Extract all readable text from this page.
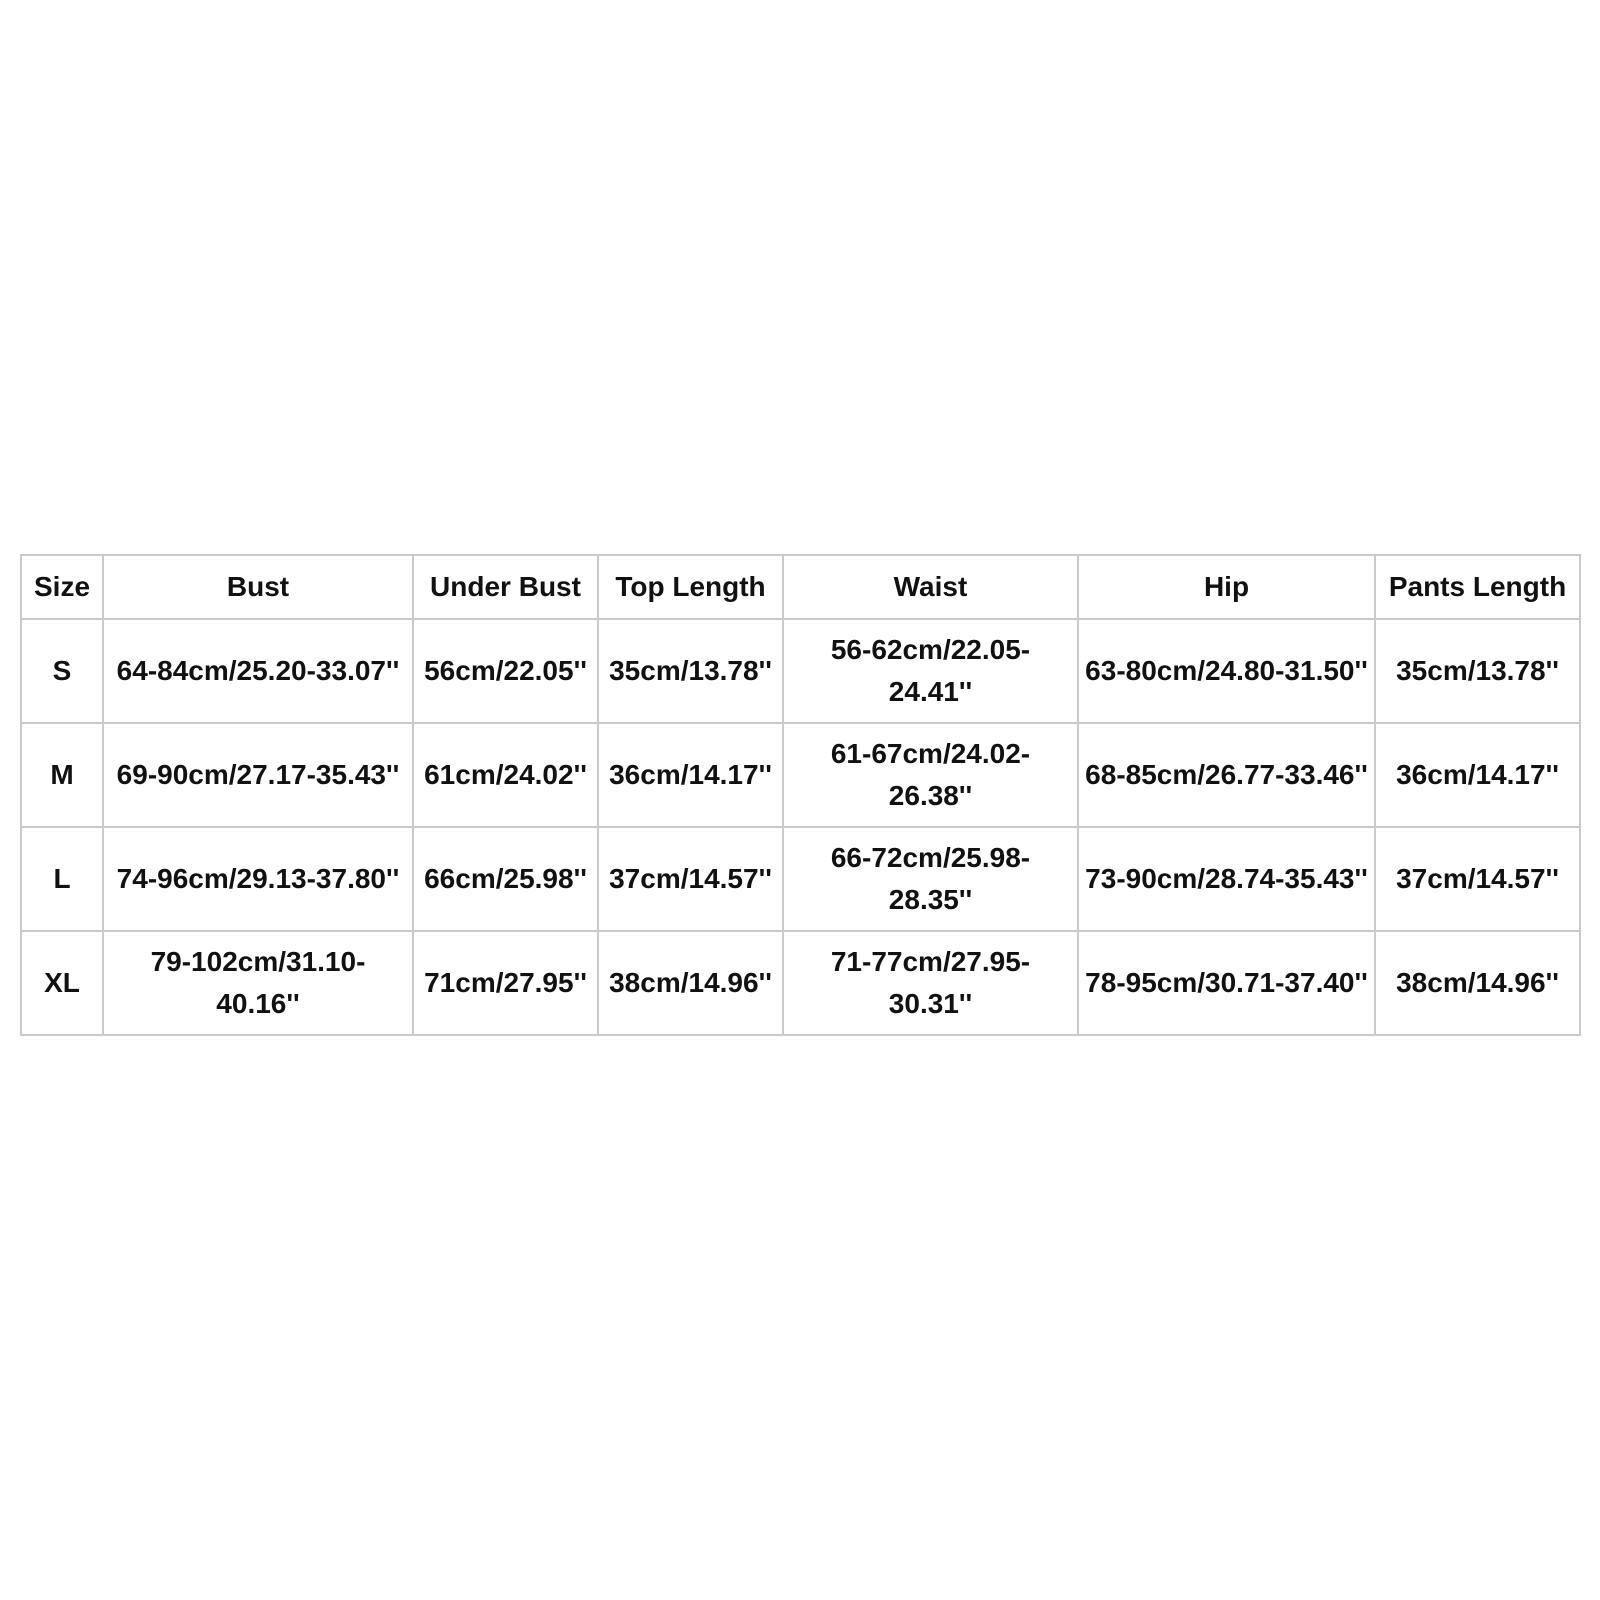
Size	Bust	Under Bust	Top Length	Waist	Hip	Pants Length
S	64-84cm/25.20-33.07''	56cm/22.05''	35cm/13.78''	56-62cm/22.05-24.41''	63-80cm/24.80-31.50''	35cm/13.78''
M	69-90cm/27.17-35.43''	61cm/24.02''	36cm/14.17''	61-67cm/24.02-26.38''	68-85cm/26.77-33.46''	36cm/14.17''
L	74-96cm/29.13-37.80''	66cm/25.98''	37cm/14.57''	66-72cm/25.98-28.35''	73-90cm/28.74-35.43''	37cm/14.57''
XL	79-102cm/31.10-40.16''	71cm/27.95''	38cm/14.96''	71-77cm/27.95-30.31''	78-95cm/30.71-37.40''	38cm/14.96''
